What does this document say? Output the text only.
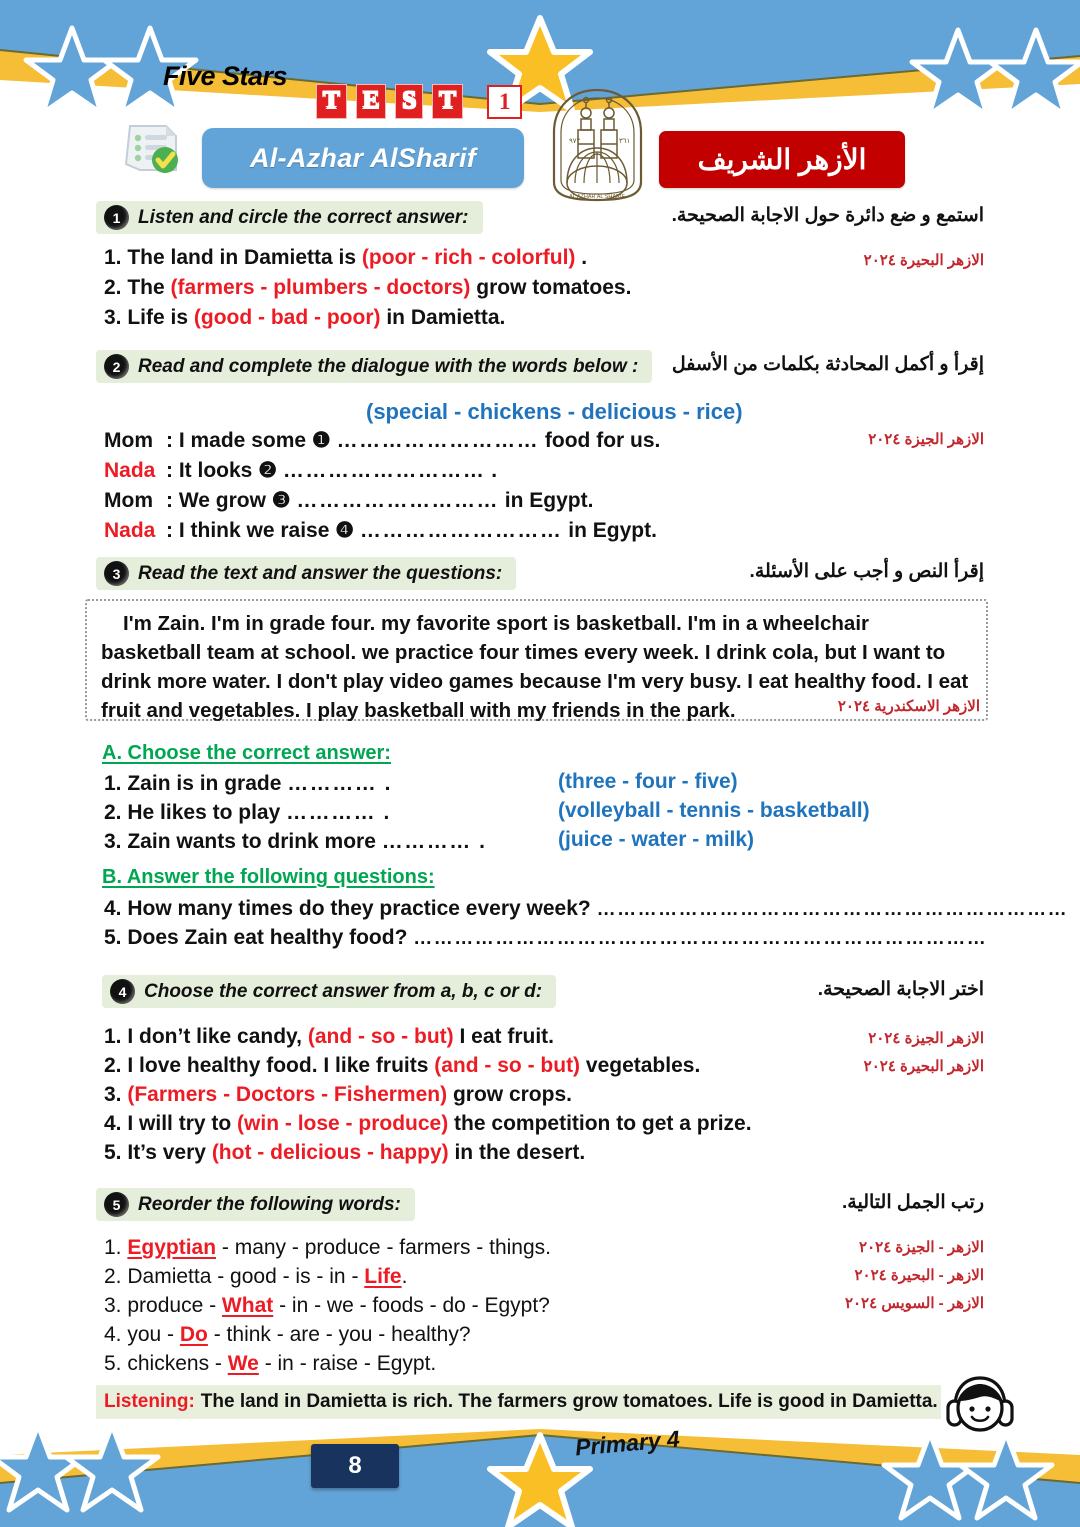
Five Stars
T E S T	1
Al-Azhar AlSharif
٩٧٢	٣٦١
AL AZHAR AL SHARIF
الأزهر الشريف
1 Listen and circle the correct answer:	استمع و ضع دائرة حول الاجابة الصحيحة.
الازهر البحيرة ٢٠٢٤
1. The land in Damietta is (poor - rich - colorful) .
2. The (farmers - plumbers - doctors) grow tomatoes.
3. Life is (good - bad - poor) in Damietta.
2 Read and complete the dialogue with the words below : إقرأ و أكمل المحادثة بكلمات من الأسفل
الازهر الجيزة ٢٠٢٤
(special - chickens - delicious - rice)
Mom : I made some ❶ ……………………… food for us.
Nada : It looks ❷ ……………………… .
Mom : We grow ❸ ……………………… in Egypt.
Nada : I think we raise ❹ ……………………… in Egypt.
3 Read the text and answer the questions:	إقرأ النص و أجب على الأسئلة.

I'm Zain. I'm in grade four. my favorite sport is basketball. I'm in a wheelchair basketball team at school. we practice four times every week. I drink cola, but I want to drink more water. I don't play video games because I'm very busy. I eat healthy food. I eat fruit and vegetables. I play basketball with my friends in the park.	الازهر الاسكندرية ٢٠٢٤
A. Choose the correct answer:
1. Zain is in grade ………… .	(three - four - five)
2. He likes to play ………… .	(volleyball - tennis - basketball)
3. Zain wants to drink more ………… .	(juice - water - milk)
B. Answer the following questions:
4. How many times do they practice every week? ……………………………………………………………
5. Does Zain eat healthy food? …………………………………………………………………………
4 Choose the correct answer from a, b, c or d:	اختر الاجابة الصحيحة.
الازهر الجيزة ٢٠٢٤
الازهر البحيرة ٢٠٢٤
1. I don’t like candy, (and - so - but) I eat fruit.
2. I love healthy food. I like fruits (and - so - but) vegetables.
3. (Farmers - Doctors - Fishermen) grow crops.
4. I will try to (win - lose - produce) the competition to get a prize.
5. It’s very (hot - delicious - happy) in the desert.
5 Reorder the following words:	رتب الجمل التالية.
الازهر - الجيزة ٢٠٢٤
الازهر - البحيرة ٢٠٢٤
الازهر - السويس ٢٠٢٤
1. Egyptian - many - produce - farmers - things.
2. Damietta - good - is - in - Life.
3. produce - What - in - we - foods - do - Egypt?
4. you - Do - think - are - you - healthy?
5. chickens - We - in - raise - Egypt.
Listening: The land in Damietta is rich. The farmers grow tomatoes. Life is good in Damietta.
8
Primary 4
